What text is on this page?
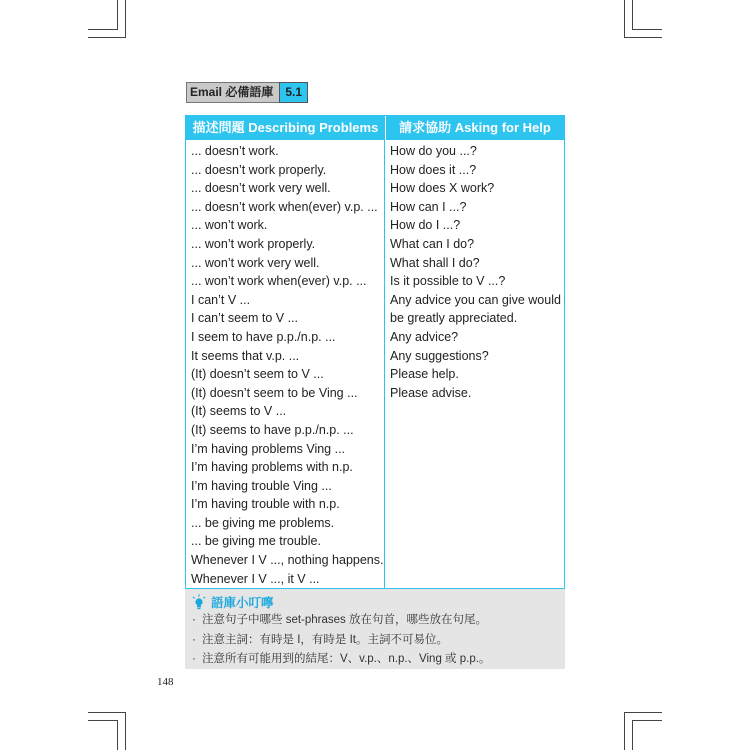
Email 必備語庫	5.1
描述問題 Describing Problems	請求協助 Asking for Help
... doesn’t work.
... doesn’t work properly.
... doesn’t work very well.
... doesn’t work when(ever) v.p. ...
... won’t work.
... won’t work properly.
... won’t work very well.
... won’t work when(ever) v.p. ...
I can’t V ...
I can’t seem to V ...
I seem to have p.p./n.p. ...
It seems that v.p. ...
(It) doesn’t seem to V ...
(It) doesn’t seem to be Ving ...
(It) seems to V ...
(It) seems to have p.p./n.p. ...
I’m having problems Ving ...
I’m having problems with n.p.
I’m having trouble Ving ...
I’m having trouble with n.p.
... be giving me problems.
... be giving me trouble.
Whenever I V ..., nothing happens.
Whenever I V ..., it V ...
How do you ...?
How does it ...?
How does X work?
How can I ...?
How do I ...?
What can I do?
What shall I do?
Is it possible to V ...?
Any advice you can give would
be greatly appreciated.
Any advice?
Any suggestions?
Please help.
Please advise.
語庫小叮嚀
· 注意句子中哪些 set-phrases 放在句首，哪些放在句尾。
· 注意主詞：有時是 I，有時是 It。主詞不可易位。
· 注意所有可能用到的結尾：V、v.p.、n.p.、Ving 或 p.p.。
148
